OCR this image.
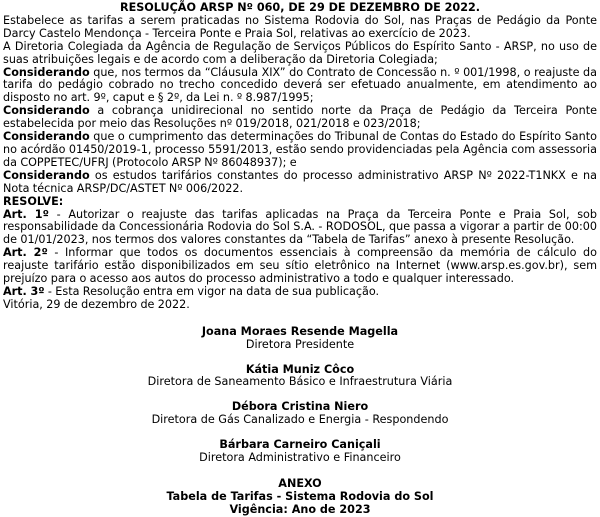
RESOLUÇÃO ARSP Nº 060, DE 29 DE DEZEMBRO DE 2022.

Estabelece as tarifas a serem praticadas no Sistema Rodovia do Sol, nas Praças de Pedágio da Ponte Darcy Castelo Mendonça - Terceira Ponte e Praia Sol, relativas ao exercício de 2023.

A Diretoria Colegiada da Agência de Regulação de Serviços Públicos do Espírito Santo - ARSP, no uso de suas atribuições legais e de acordo com a deliberação da Diretoria Colegiada;

Considerando que, nos termos da “Cláusula XIX” do Contrato de Concessão n. º 001/1998, o reajuste da tarifa do pedágio cobrado no trecho concedido deverá ser efetuado anualmente, em atendimento ao disposto no art. 9º, caput e § 2º, da Lei n. º 8.987/1995;

Considerando a cobrança unidirecional no sentido norte da Praça de Pedágio da Terceira Ponte estabelecida por meio das Resoluções nº 019/2018, 021/2018 e 023/2018;

Considerando que o cumprimento das determinações do Tribunal de Contas do Estado do Espírito Santo no acórdão 01450/2019-1, processo 5591/2013, estão sendo providenciadas pela Agência com assessoria da COPPETEC/UFRJ (Protocolo ARSP Nº 86048937); e

Considerando os estudos tarifários constantes do processo administrativo ARSP Nº 2022-T1NKX e na Nota técnica ARSP/DC/ASTET Nº 006/2022.

RESOLVE:

Art. 1º - Autorizar o reajuste das tarifas aplicadas na Praça da Terceira Ponte e Praia Sol, sob responsabilidade da Concessionária Rodovia do Sol S.A. - RODOSOL, que passa a vigorar a partir de 00:00 de 01/01/2023, nos termos dos valores constantes da “Tabela de Tarifas” anexo à presente Resolução.

Art. 2º - Informar que todos os documentos essenciais à compreensão da memória de cálculo do reajuste tarifário estão disponibilizados em seu sítio eletrônico na Internet (www.arsp.es.gov.br), sem prejuízo para o acesso aos autos do processo administrativo a todo e qualquer interessado.

Art. 3º - Esta Resolução entra em vigor na data de sua publicação.

Vitória, 29 de dezembro de 2022.

Joana Moraes Resende Magella
Diretora Presidente
Kátia Muniz Côco
Diretora de Saneamento Básico e Infraestrutura Viária
Débora Cristina Niero
Diretora de Gás Canalizado e Energia - Respondendo
Bárbara Carneiro Caniçali
Diretora Administrativo e Financeiro
ANEXO
Tabela de Tarifas - Sistema Rodovia do Sol
Vigência: Ano de 2023
